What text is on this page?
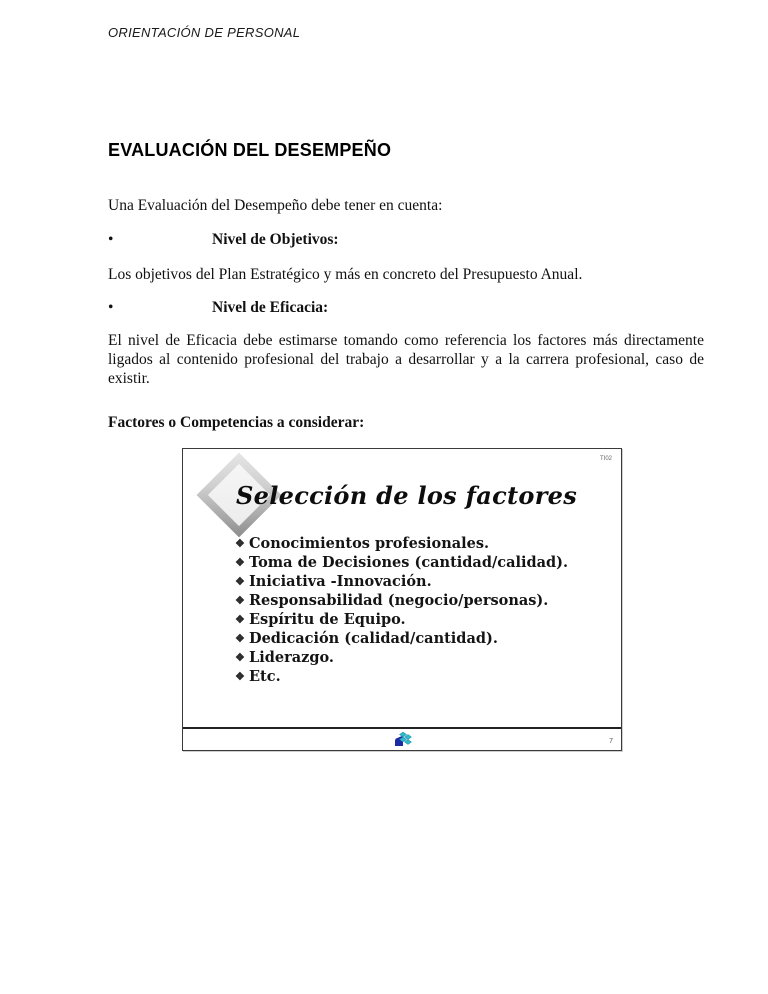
ORIENTACIÓN DE PERSONAL
EVALUACIÓN DEL DESEMPEÑO
Una Evaluación del Desempeño debe tener en cuenta:
•	Nivel de Objetivos:
Los objetivos del Plan Estratégico y más en concreto del Presupuesto Anual.
•	Nivel de Eficacia:
El nivel de Eficacia debe estimarse tomando como referencia los factores más directamente ligados al contenido profesional del trabajo a desarrollar y a la carrera profesional, caso de existir.
Factores o Competencias a considerar:
TI02
Selección de los factores
❖ Conocimientos profesionales.
❖ Toma de Decisiones (cantidad/calidad).
❖ Iniciativa -Innovación.
❖ Responsabilidad (negocio/personas).
❖ Espíritu de Equipo.
❖ Dedicación (calidad/cantidad).
❖ Liderazgo.
❖ Etc.
7
